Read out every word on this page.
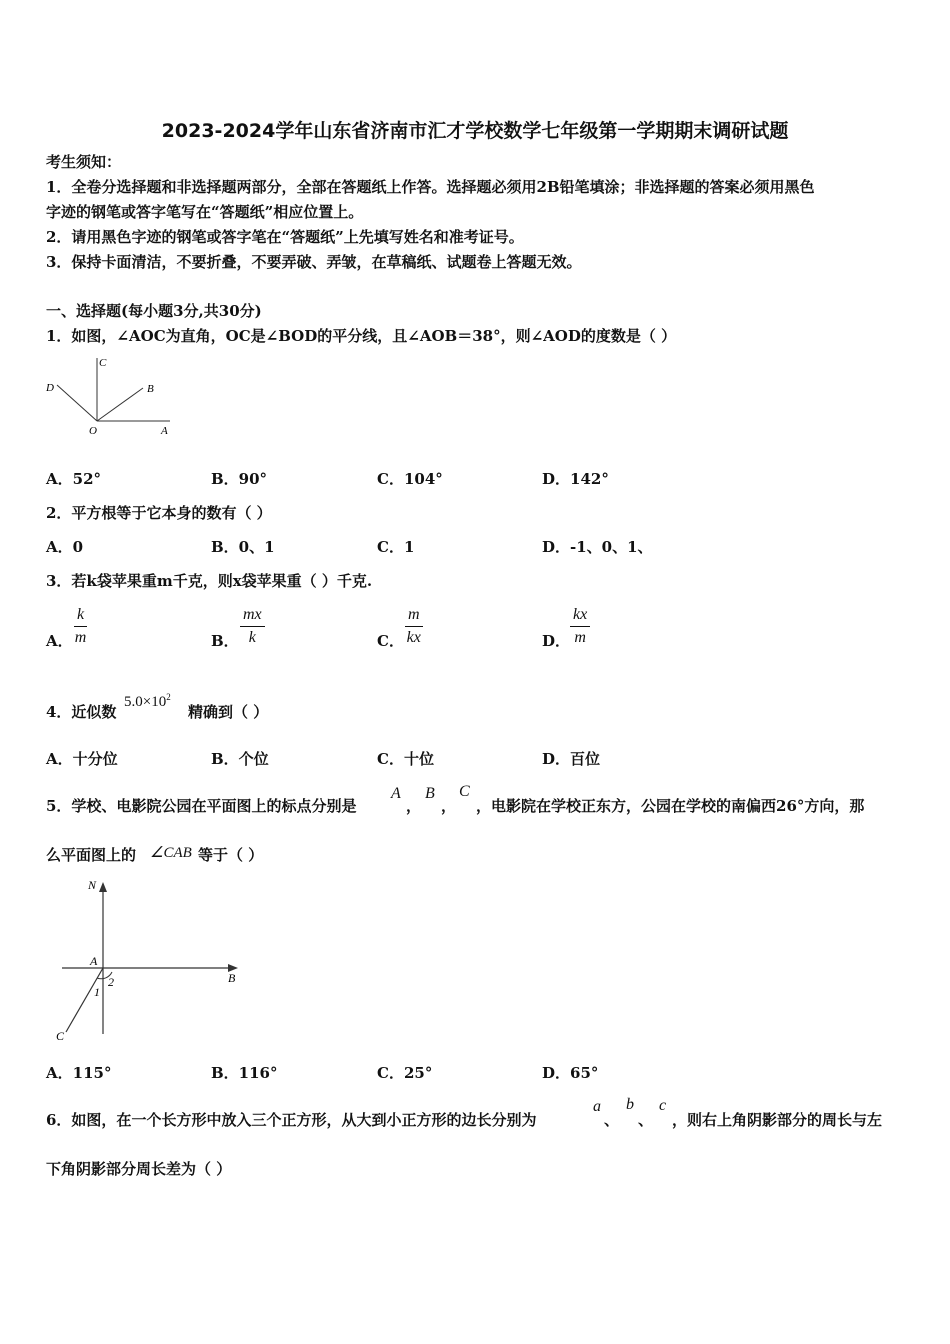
2023-2024学年山东省济南市汇才学校数学七年级第一学期期末调研试题
考生须知：
1．全卷分选择题和非选择题两部分，全部在答题纸上作答。选择题必须用2B铅笔填涂；非选择题的答案必须用黑色
字迹的钢笔或答字笔写在“答题纸”相应位置上。
2．请用黑色字迹的钢笔或答字笔在“答题纸”上先填写姓名和准考证号。
3．保持卡面清洁，不要折叠，不要弄破、弄皱，在草稿纸、试题卷上答题无效。
一、选择题(每小题3分,共30分)
1．如图，∠AOC为直角，OC是∠BOD的平分线，且∠AOB＝38°，则∠AOD的度数是（ ）
C
D	B
O	A
A．52°	B．90°	C．104°	D．142°
2．平方根等于它本身的数有（ ）
A．0	B．0、1	C．1	D．-1、0、1、
3．若k袋苹果重m千克，则x袋苹果重（ ）千克.
A． $\frac{k}{m}$	B． $\frac{mx}{k}$	C． $\frac{m}{kx}$	D． $\frac{kx}{m}$
4．近似数
$5.0\times 10^2$
精确到（ ）
A．十分位	B．个位	C．十位	D．百位
5．学校、电影院公园在平面图上的标点分别是
A
，
B
，
C
，电影院在学校正东方，公园在学校的南偏西26°方向，那
么平面图上的 ∠CAB 等于（ ）
N
A
B
C
1
2
A．115°	B．116°	C．25°	D．65°
6．如图，在一个长方形中放入三个正方形，从大到小正方形的边长分别为
a
、
b
、
c
，则右上角阴影部分的周长与左
下角阴影部分周长差为（ ）
